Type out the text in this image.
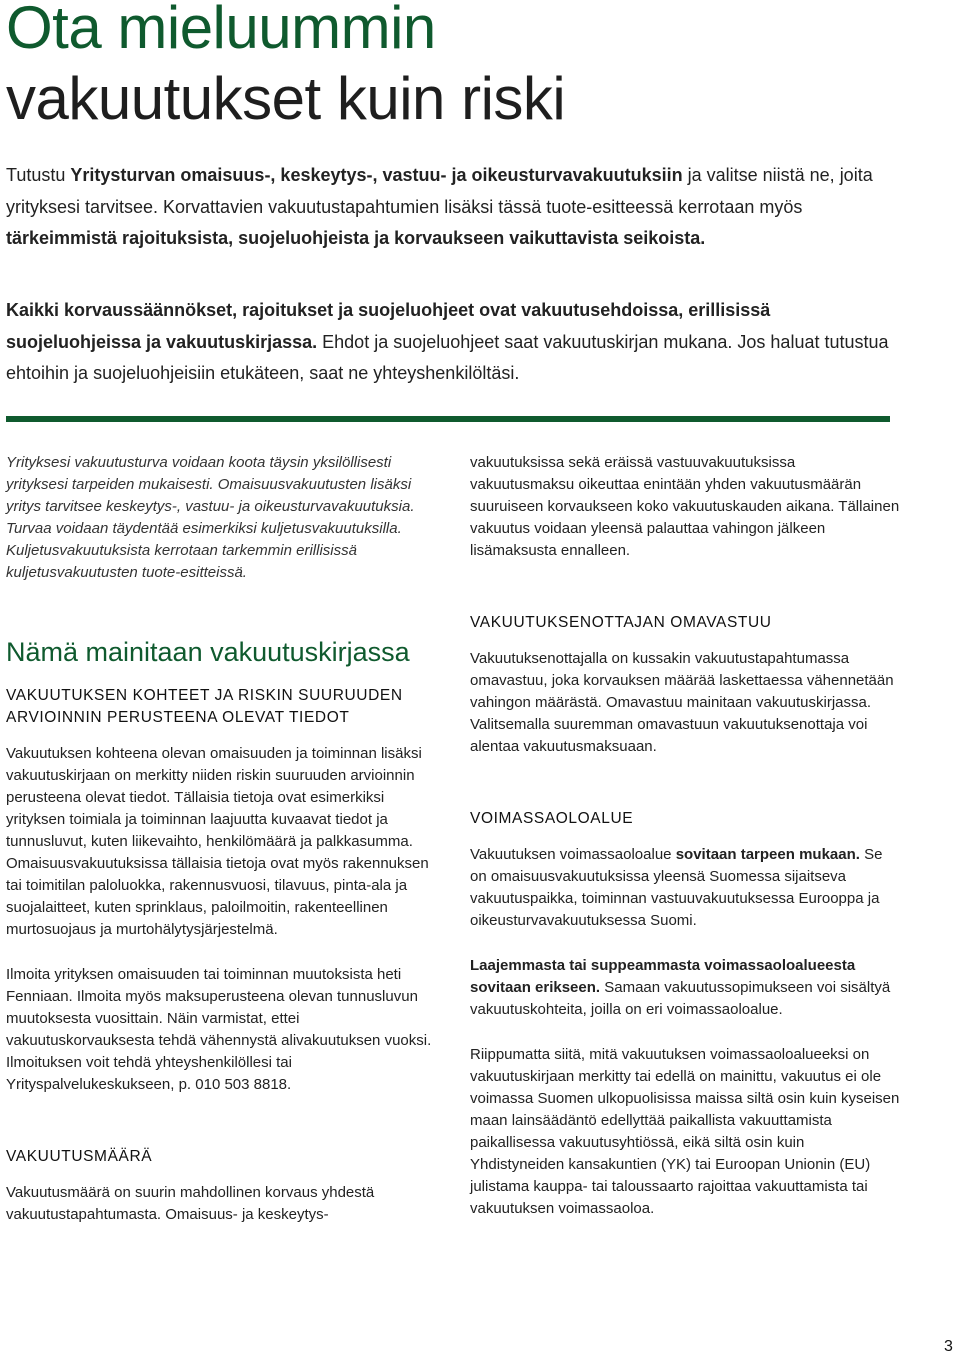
Ota mieluummin
vakuutukset kuin riski

Tutustu Yritysturvan omaisuus-, keskeytys-, vastuu- ja oikeusturvavakuutuksiin ja valitse niistä ne, joita yrityksesi tarvitsee. Korvattavien vakuutustapahtumien lisäksi tässä tuote-esitteessä kerrotaan myös tärkeimmistä rajoituksista, suojeluohjeista ja korvaukseen vaikuttavista seikoista.

Kaikki korvaussäännökset, rajoitukset ja suojeluohjeet ovat vakuutusehdoissa, erillisissä suojeluohjeissa ja vakuutuskirjassa. Ehdot ja suojeluohjeet saat vakuutuskirjan mukana. Jos haluat tutustua ehtoihin ja suojeluohjeisiin etukäteen, saat ne yhteyshenkilöltäsi.

Yrityksesi vakuutusturva voidaan koota täysin yksilöllisesti yrityksesi tarpeiden mukaisesti. Omaisuusvakuutusten lisäksi yritys tarvitsee keskeytys-, vastuu- ja oikeusturvavakuutuksia. Turvaa voidaan täydentää esimerkiksi kuljetusvakuutuksilla. Kuljetusvakuutuksista kerrotaan tarkemmin erillisissä kuljetusvakuutusten tuote-esitteissä.

Nämä mainitaan vakuutuskirjassa
VAKUUTUKSEN KOHTEET JA RISKIN SUURUUDEN ARVIOINNIN PERUSTEENA OLEVAT TIEDOT

Vakuutuksen kohteena olevan omaisuuden ja toiminnan lisäksi vakuutuskirjaan on merkitty niiden riskin suuruuden arvioinnin perusteena olevat tiedot. Tällaisia tietoja ovat esimerkiksi yrityksen toimiala ja toiminnan laajuutta kuvaavat tiedot ja tunnusluvut, kuten liikevaihto, henkilömäärä ja palkkasumma. Omaisuusvakuutuksissa tällaisia tietoja ovat myös rakennuksen tai toimitilan paloluokka, rakennusvuosi, tilavuus, pinta-ala ja suojalaitteet, kuten sprinklaus, paloilmoitin, rakenteellinen murtosuojaus ja murtohälytysjärjestelmä.

Ilmoita yrityksen omaisuuden tai toiminnan muutoksista heti Fenniaan. Ilmoita myös maksuperusteena olevan tunnusluvun muutoksesta vuosittain. Näin varmistat, ettei vakuutuskorvauksesta tehdä vähennystä alivakuutuksen vuoksi. Ilmoituksen voit tehdä yhteyshenkilöllesi tai Yrityspalvelukeskukseen, p. 010 503 8818.

VAKUUTUSMÄÄRÄ

Vakuutusmäärä on suurin mahdollinen korvaus yhdestä vakuutustapahtumasta. Omaisuus- ja keskeytys-

vakuutuksissa sekä eräissä vastuuvakuutuksissa vakuutusmaksu oikeuttaa enintään yhden vakuutusmäärän suuruiseen korvaukseen koko vakuutuskauden aikana. Tällainen vakuutus voidaan yleensä palauttaa vahingon jälkeen lisämaksusta ennalleen.

VAKUUTUKSENOTTAJAN OMAVASTUU

Vakuutuksenottajalla on kussakin vakuutustapahtumassa omavastuu, joka korvauksen määrää laskettaessa vähennetään vahingon määrästä. Omavastuu mainitaan vakuutuskirjassa. Valitsemalla suuremman omavastuun vakuutuksenottaja voi alentaa vakuutusmaksuaan.

VOIMASSAOLOALUE

Vakuutuksen voimassaoloalue sovitaan tarpeen mukaan. Se on omaisuusvakuutuksissa yleensä Suomessa sijaitseva vakuutuspaikka, toiminnan vastuuvakuutuksessa Eurooppa ja oikeusturvavakuutuksessa Suomi.

Laajemmasta tai suppeammasta voimassaoloalueesta sovitaan erikseen. Samaan vakuutussopimukseen voi sisältyä vakuutuskohteita, joilla on eri voimassaoloalue.

Riippumatta siitä, mitä vakuutuksen voimassaoloalueeksi on vakuutuskirjaan merkitty tai edellä on mainittu, vakuutus ei ole voimassa Suomen ulkopuolisissa maissa siltä osin kuin kyseisen maan lainsäädäntö edellyttää paikallista vakuuttamista paikallisessa vakuutusyhtiössä, eikä siltä osin kuin Yhdistyneiden kansakuntien (YK) tai Euroopan Unionin (EU) julistama kauppa- tai taloussaarto rajoittaa vakuuttamista tai vakuutuksen voimassaoloa.

3
